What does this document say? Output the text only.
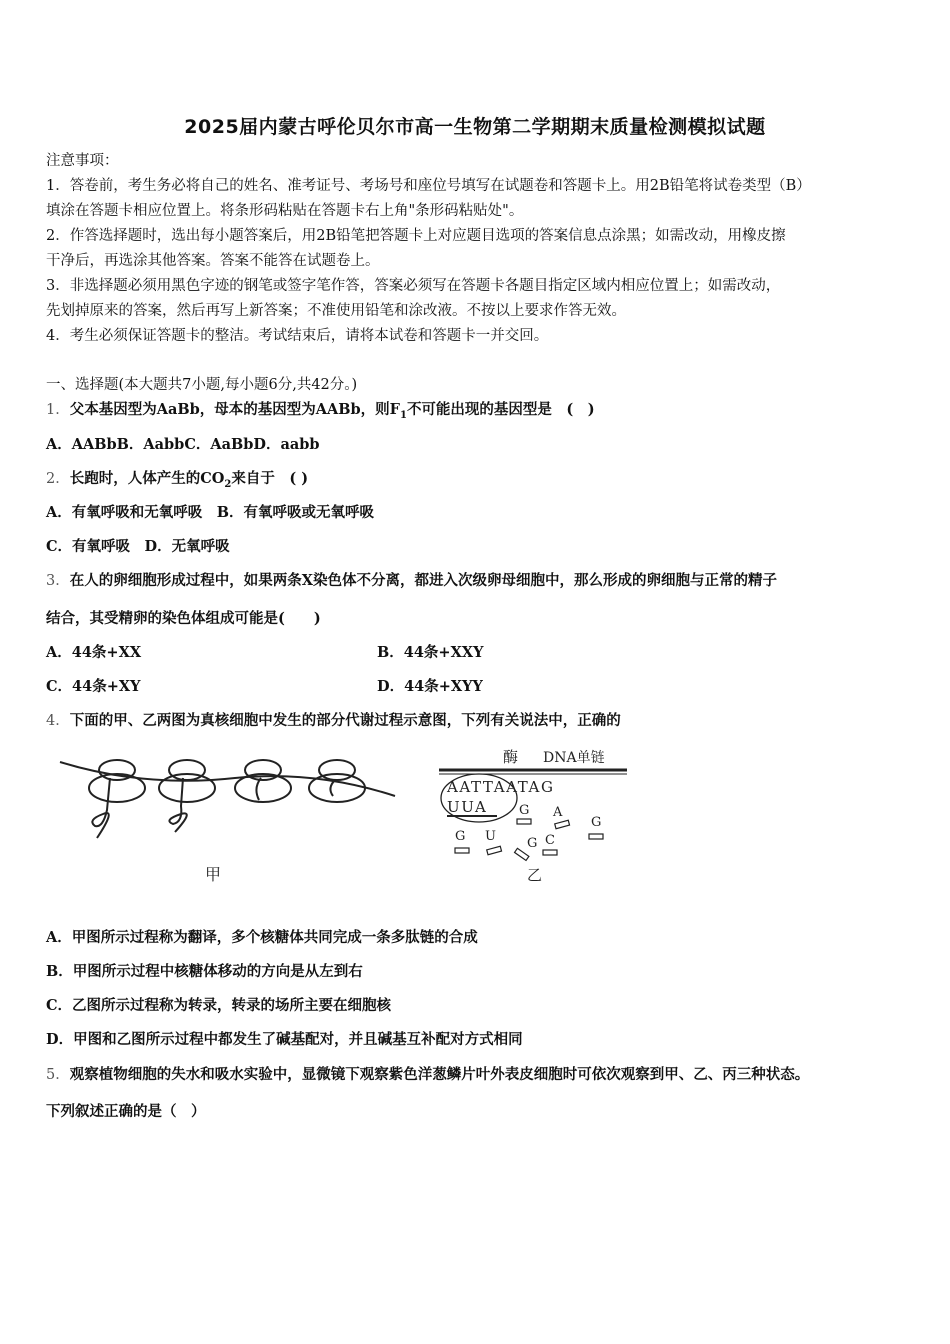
2025届内蒙古呼伦贝尔市高一生物第二学期期末质量检测模拟试题
注意事项：
1．答卷前，考生务必将自己的姓名、准考证号、考场号和座位号填写在试题卷和答题卡上。用2B铅笔将试卷类型（B）
填涂在答题卡相应位置上。将条形码粘贴在答题卡右上角"条形码粘贴处"。
2．作答选择题时，选出每小题答案后，用2B铅笔把答题卡上对应题目选项的答案信息点涂黑；如需改动，用橡皮擦
干净后，再选涂其他答案。答案不能答在试题卷上。
3．非选择题必须用黑色字迹的钢笔或签字笔作答，答案必须写在答题卡各题目指定区域内相应位置上；如需改动，
先划掉原来的答案，然后再写上新答案；不准使用铅笔和涂改液。不按以上要求作答无效。
4．考生必须保证答题卡的整洁。考试结束后，请将本试卷和答题卡一并交回。
一、选择题(本大题共7小题,每小题6分,共42分。)
1．父本基因型为AaBb，母本的基因型为AABb，则$F_1$不可能出现的基因型是　(　)
A．AABbB．AabbC．AaBbD．aabb
2．长跑时，人体产生的$CO_2$来自于　( )
A．有氧呼吸和无氧呼吸　B．有氧呼吸或无氧呼吸
C．有氧呼吸　D．无氧呼吸
3．在人的卵细胞形成过程中，如果两条X染色体不分离，都进入次级卵母细胞中，那么形成的卵细胞与正常的精子
结合，其受精卵的染色体组成可能是(　　)
A．44条+XX	B．44条+XXY
C．44条+XY	D．44条+XYY
4．下面的甲、乙两图为真核细胞中发生的部分代谢过程示意图，下列有关说法中，正确的
甲
酶 DNA单链
AATTAATAG
UUA G A
G
G U G C
乙
A．甲图所示过程称为翻译，多个核糖体共同完成一条多肽链的合成
B．甲图所示过程中核糖体移动的方向是从左到右
C．乙图所示过程称为转录，转录的场所主要在细胞核
D．甲图和乙图所示过程中都发生了碱基配对，并且碱基互补配对方式相同
5．观察植物细胞的失水和吸水实验中，显微镜下观察紫色洋葱鳞片叶外表皮细胞时可依次观察到甲、乙、丙三种状态。
下列叙述正确的是（　）
